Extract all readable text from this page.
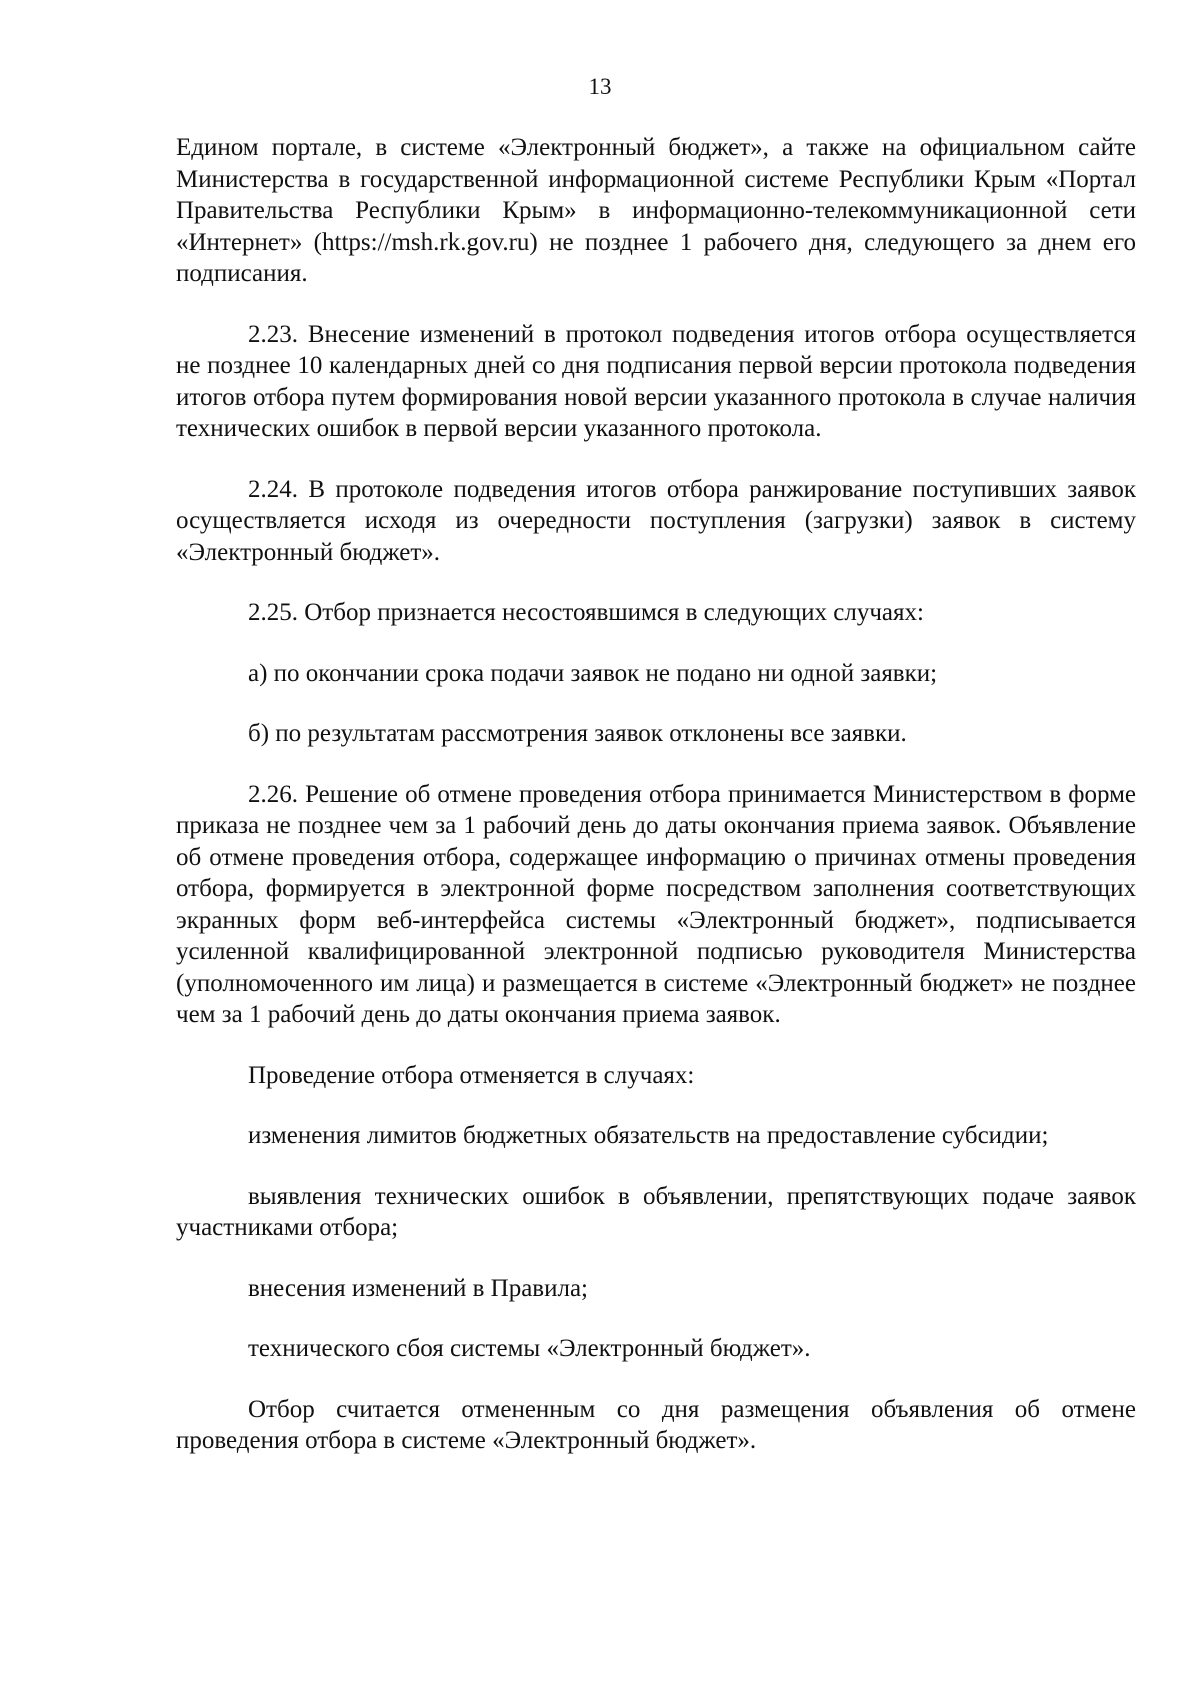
13

Едином портале, в системе «Электронный бюджет», а также на официальном сайте Министерства в государственной информационной системе Республики Крым «Портал Правительства Республики Крым» в информационно-телекоммуникационной сети «Интернет» (https://msh.rk.gov.ru) не позднее 1 рабочего дня, следующего за днем его подписания.

2.23. Внесение изменений в протокол подведения итогов отбора осуществляется не позднее 10 календарных дней со дня подписания первой версии протокола подведения итогов отбора путем формирования новой версии указанного протокола в случае наличия технических ошибок в первой версии указанного протокола.

2.24. В протоколе подведения итогов отбора ранжирование поступивших заявок осуществляется исходя из очередности поступления (загрузки) заявок в систему «Электронный бюджет».

2.25. Отбор признается несостоявшимся в следующих случаях:

а) по окончании срока подачи заявок не подано ни одной заявки;

б) по результатам рассмотрения заявок отклонены все заявки.

2.26. Решение об отмене проведения отбора принимается Министерством в форме приказа не позднее чем за 1 рабочий день до даты окончания приема заявок. Объявление об отмене проведения отбора, содержащее информацию о причинах отмены проведения отбора, формируется в электронной форме посредством заполнения соответствующих экранных форм веб-интерфейса системы «Электронный бюджет», подписывается усиленной квалифицированной электронной подписью руководителя Министерства (уполномоченного им лица) и размещается в системе «Электронный бюджет» не позднее чем за 1 рабочий день до даты окончания приема заявок.

Проведение отбора отменяется в случаях:

изменения лимитов бюджетных обязательств на предоставление субсидии;

выявления технических ошибок в объявлении, препятствующих подаче заявок участниками отбора;

внесения изменений в Правила;

технического сбоя системы «Электронный бюджет».

Отбор считается отмененным со дня размещения объявления об отмене проведения отбора в системе «Электронный бюджет».
